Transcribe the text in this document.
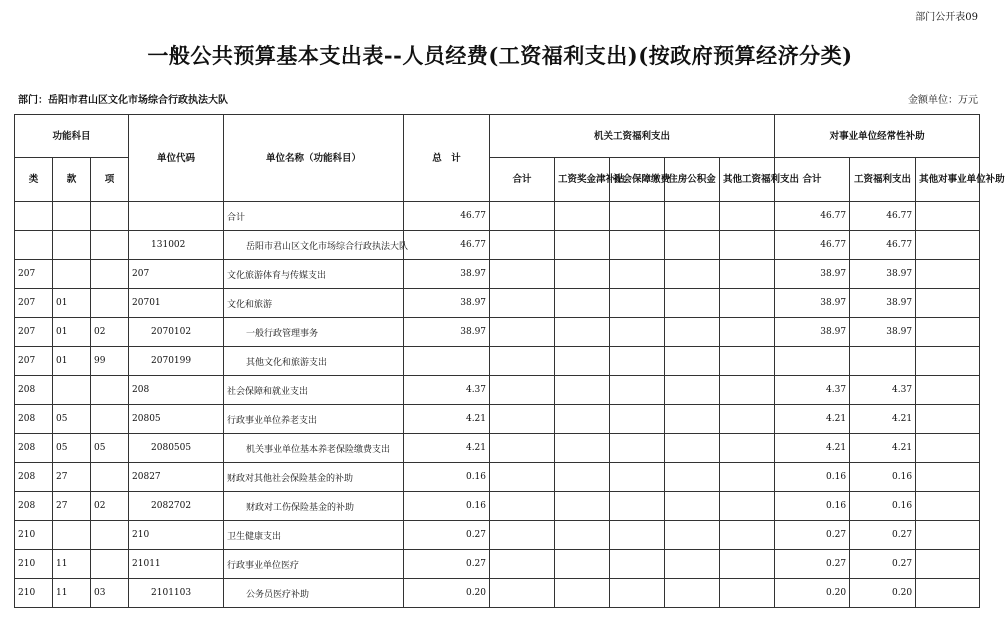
部门公开表09
一般公共预算基本支出表--人员经费(工资福利支出)(按政府预算经济分类)
部门：岳阳市君山区文化市场综合行政执法大队	金额单位：万元
功能科目			单位代码	单位名称（功能科目）	总　计	机关工资福利支出					对事业单位经常性补助		
类	款	项				合计	工资奖金津补贴	社会保障缴费	住房公积金	其他工资福利支出	合计	工资福利支出	其他对事业单位补助
				合计	46.77						46.77	46.77	
			131002	岳阳市君山区文化市场综合行政执法大队	46.77						46.77	46.77	
207			207	文化旅游体育与传媒支出	38.97						38.97	38.97	
207	01		20701	文化和旅游	38.97						38.97	38.97	
207	01	02	2070102	一般行政管理事务	38.97						38.97	38.97	
207	01	99	2070199	其他文化和旅游支出									
208			208	社会保障和就业支出	4.37						4.37	4.37	
208	05		20805	行政事业单位养老支出	4.21						4.21	4.21	
208	05	05	2080505	机关事业单位基本养老保险缴费支出	4.21						4.21	4.21	
208	27		20827	财政对其他社会保险基金的补助	0.16						0.16	0.16	
208	27	02	2082702	财政对工伤保险基金的补助	0.16						0.16	0.16	
210			210	卫生健康支出	0.27						0.27	0.27	
210	11		21011	行政事业单位医疗	0.27						0.27	0.27	
210	11	03	2101103	公务员医疗补助	0.20						0.20	0.20	
